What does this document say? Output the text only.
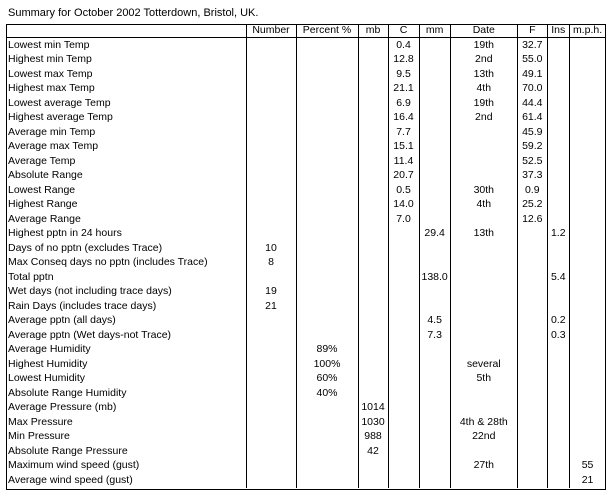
Summary for October 2002 Totterdown, Bristol, UK.
	Number	Percent %	mb	C	mm	Date	F	Ins	m.p.h.
Lowest min Temp				0.4		19th	32.7		
Highest min Temp				12.8		2nd	55.0		
Lowest max Temp				9.5		13th	49.1		
Highest max Temp				21.1		4th	70.0		
Lowest average Temp				6.9		19th	44.4		
Highest average Temp				16.4		2nd	61.4		
Average min Temp				7.7			45.9		
Average max Temp				15.1			59.2		
Average Temp				11.4			52.5		
Absolute Range				20.7			37.3		
Lowest Range				0.5		30th	0.9		
Highest Range				14.0		4th	25.2		
Average Range				7.0			12.6		
Highest pptn in 24 hours					29.4	13th		1.2	
Days of no pptn (excludes Trace)	10								
Max Conseq days no pptn (includes Trace)	8								
Total pptn					138.0			5.4	
Wet days (not including trace days)	19								
Rain Days (includes trace days)	21								
Average pptn (all days)					4.5			0.2	
Average pptn (Wet days-not Trace)					7.3			0.3	
Average Humidity		89%							
Highest Humidity		100%				several			
Lowest Humidity		60%				5th			
Absolute Range Humidity		40%							
Average Pressure (mb)			1014						
Max Pressure			1030			4th & 28th			
Min Pressure			988			22nd			
Absolute Range Pressure			42						
Maximum wind speed (gust)						27th			55
Average wind speed (gust)									21
